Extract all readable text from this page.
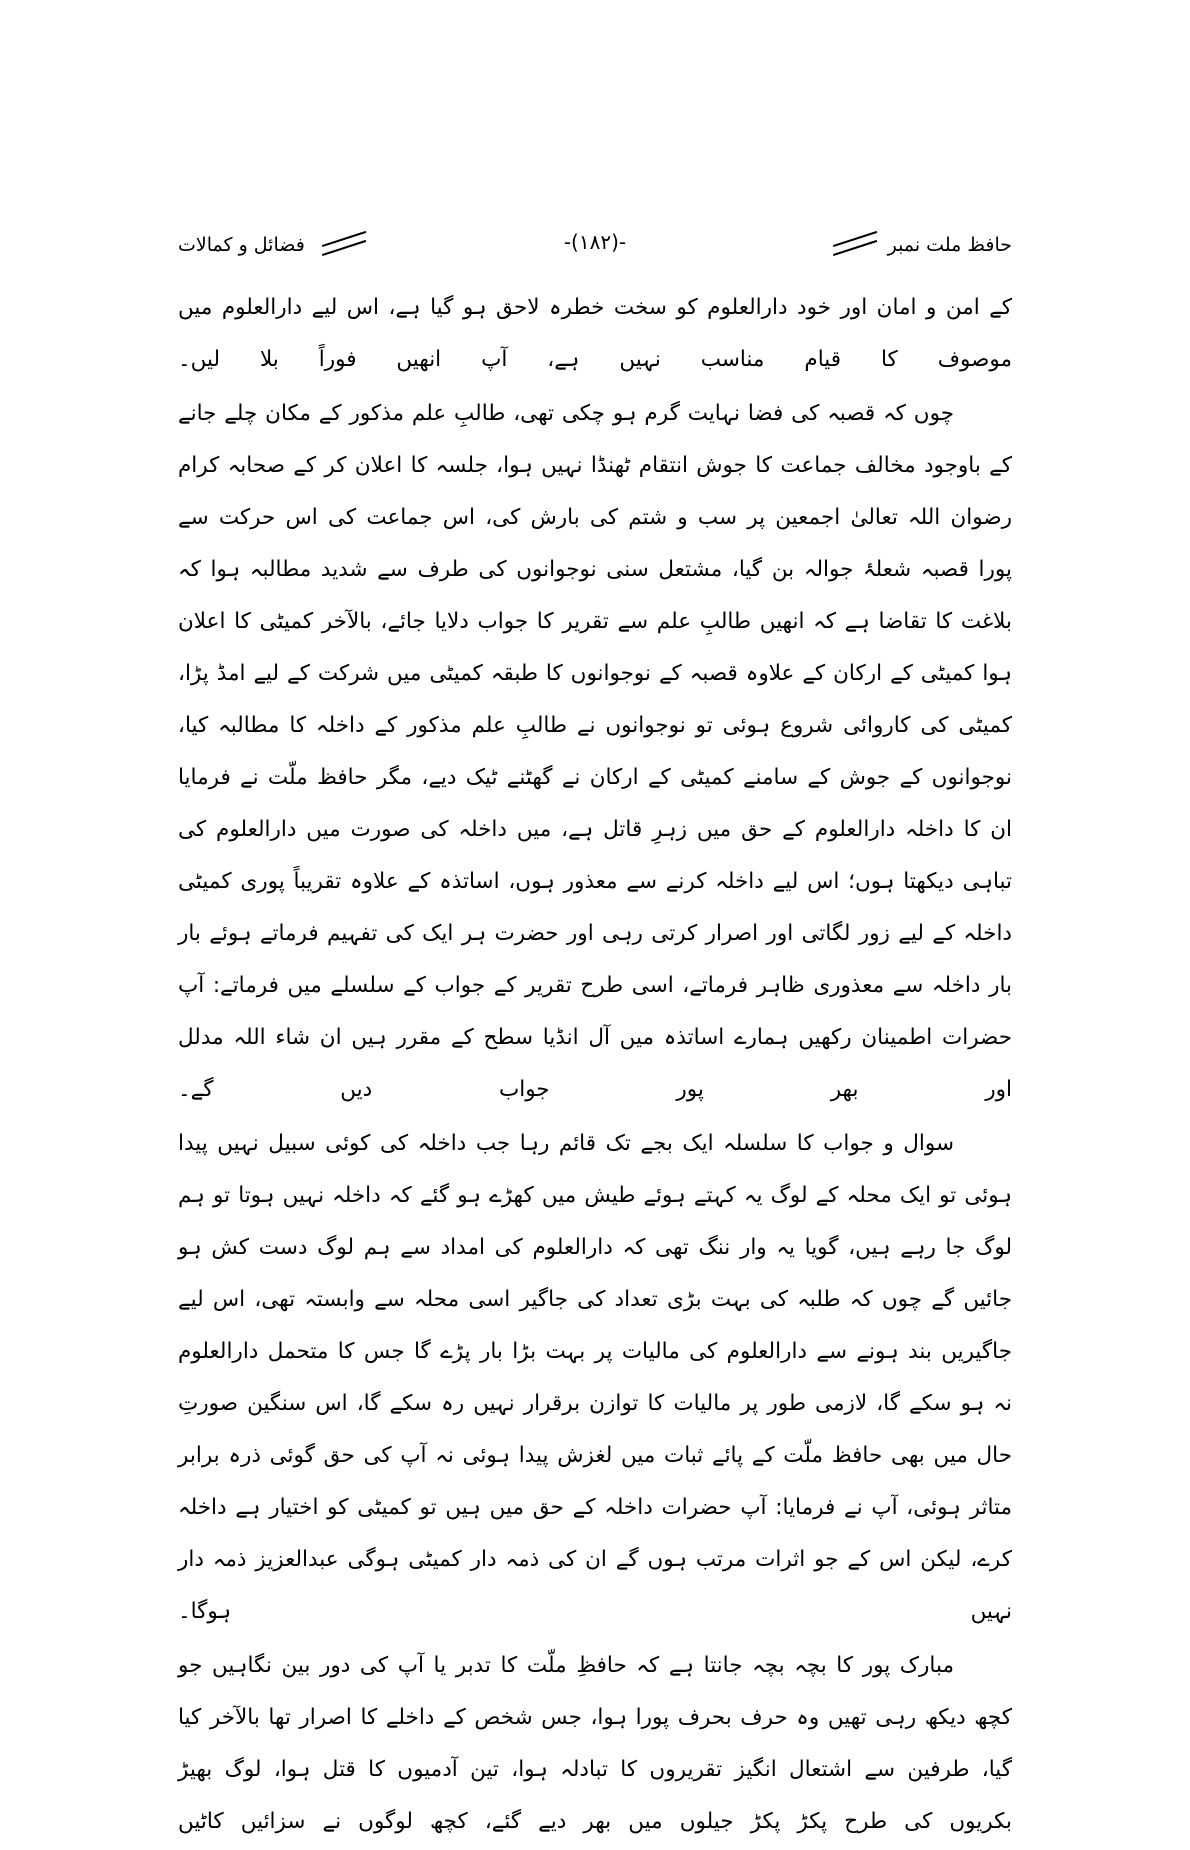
حافظ ملت نمبر
-(۱۸۲)-
فضائل و کمالات

کے امن و امان اور خود دارالعلوم کو سخت خطرہ لاحق ہو گیا ہے، اس لیے دارالعلوم میں موصوف کا قیام مناسب نہیں ہے، آپ انھیں فوراً بلا لیں۔

چوں کہ قصبہ کی فضا نہایت گرم ہو چکی تھی، طالبِ علم مذکور کے مکان چلے جانے کے باوجود مخالف جماعت کا جوش انتقام ٹھنڈا نہیں ہوا، جلسہ کا اعلان کر کے صحابہ کرام رضوان اللہ تعالیٰ اجمعین پر سب و شتم کی بارش کی، اس جماعت کی اس حرکت سے پورا قصبہ شعلۂ جوالہ بن گیا، مشتعل سنی نوجوانوں کی طرف سے شدید مطالبہ ہوا کہ بلاغت کا تقاضا ہے کہ انھیں طالبِ علم سے تقریر کا جواب دلایا جائے، بالآخر کمیٹی کا اعلان ہوا کمیٹی کے ارکان کے علاوہ قصبہ کے نوجوانوں کا طبقہ کمیٹی میں شرکت کے لیے امڈ پڑا، کمیٹی کی کاروائی شروع ہوئی تو نوجوانوں نے طالبِ علم مذکور کے داخلہ کا مطالبہ کیا، نوجوانوں کے جوش کے سامنے کمیٹی کے ارکان نے گھٹنے ٹیک دیے، مگر حافظ ملّت نے فرمایا ان کا داخلہ دارالعلوم کے حق میں زہرِ قاتل ہے، میں داخلہ کی صورت میں دارالعلوم کی تباہی دیکھتا ہوں؛ اس لیے داخلہ کرنے سے معذور ہوں، اساتذہ کے علاوہ تقریباً پوری کمیٹی داخلہ کے لیے زور لگاتی اور اصرار کرتی رہی اور حضرت ہر ایک کی تفہیم فرماتے ہوئے بار بار داخلہ سے معذوری ظاہر فرماتے، اسی طرح تقریر کے جواب کے سلسلے میں فرماتے: آپ حضرات اطمینان رکھیں ہمارے اساتذہ میں آل انڈیا سطح کے مقرر ہیں ان شاء اللہ مدلل اور بھر پور جواب دیں گے۔

سوال و جواب کا سلسلہ ایک بجے تک قائم رہا جب داخلہ کی کوئی سبیل نہیں پیدا ہوئی تو ایک محلہ کے لوگ یہ کہتے ہوئے طیش میں کھڑے ہو گئے کہ داخلہ نہیں ہوتا تو ہم لوگ جا رہے ہیں، گویا یہ وار ننگ تھی کہ دارالعلوم کی امداد سے ہم لوگ دست کش ہو جائیں گے چوں کہ طلبہ کی بہت بڑی تعداد کی جاگیر اسی محلہ سے وابستہ تھی، اس لیے جاگیریں بند ہونے سے دارالعلوم کی مالیات پر بہت بڑا بار پڑے گا جس کا متحمل دارالعلوم نہ ہو سکے گا، لازمی طور پر مالیات کا توازن برقرار نہیں رہ سکے گا، اس سنگین صورتِ حال میں بھی حافظ ملّت کے پائے ثبات میں لغزش پیدا ہوئی نہ آپ کی حق گوئی ذرہ برابر متاثر ہوئی، آپ نے فرمایا: آپ حضرات داخلہ کے حق میں ہیں تو کمیٹی کو اختیار ہے داخلہ کرے، لیکن اس کے جو اثرات مرتب ہوں گے ان کی ذمہ دار کمیٹی ہوگی عبدالعزیز ذمہ دار نہیں ہوگا۔

مبارک پور کا بچہ بچہ جانتا ہے کہ حافظِ ملّت کا تدبر یا آپ کی دور بین نگاہیں جو کچھ دیکھ رہی تھیں وہ حرف بحرف پورا ہوا، جس شخص کے داخلے کا اصرار تھا بالآخر کیا گیا، طرفین سے اشتعال انگیز تقریروں کا تبادلہ ہوا، تین آدمیوں کا قتل ہوا، لوگ بھیڑ بکریوں کی طرح پکڑ پکڑ جیلوں میں بھر دیے گئے، کچھ لوگوں نے سزائیں کاٹیں
